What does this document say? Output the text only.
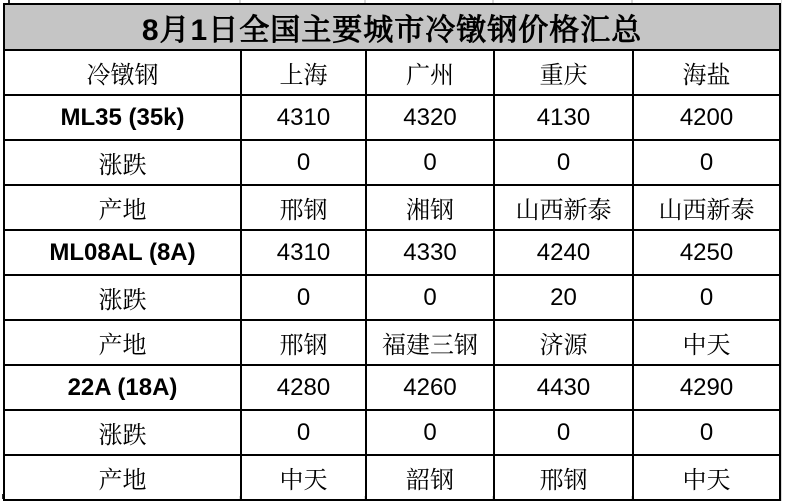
8月1日全国主要城市冷镦钢价格汇总				
冷镦钢	上海	广州	重庆	海盐
ML35 (35k)	4310	4320	4130	4200
涨跌	0	0	0	0
产地	邢钢	湘钢	山西新泰	山西新泰
ML08AL (8A)	4310	4330	4240	4250
涨跌	0	0	20	0
产地	邢钢	福建三钢	济源	中天
22A (18A)	4280	4260	4430	4290
涨跌	0	0	0	0
产地	中天	韶钢	邢钢	中天
